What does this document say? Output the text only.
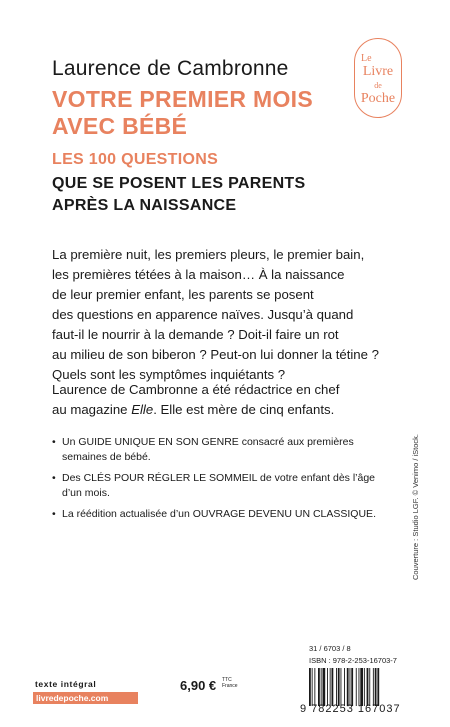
Laurence de Cambronne
VOTRE PREMIER MOIS
AVEC BÉBÉ
LES 100 QUESTIONS
QUE SE POSENT LES PARENTS
APRÈS LA NAISSANCE
Le
Livre
de
Poche
La première nuit, les premiers pleurs, le premier bain,
les premières tétées à la maison… À la naissance
de leur premier enfant, les parents se posent
des questions en apparence naïves. Jusqu’à quand
faut-il le nourrir à la demande ? Doit-il faire un rot
au milieu de son biberon ? Peut-on lui donner la tétine ?
Quels sont les symptômes inquiétants ?
Laurence de Cambronne a été rédactrice en chef
au magazine Elle. Elle est mère de cinq enfants.
• Un GUIDE UNIQUE EN SON GENRE consacré aux premières semaines de bébé.
• Des CLÉS POUR RÉGLER LE SOMMEIL de votre enfant dès l’âge d’un mois.
• La réédition actualisée d’un OUVRAGE DEVENU UN CLASSIQUE.	Couverture : Studio LGF. © Venimo / iStock.
texte intégral
livredepoche.com
6,90 € TTC
France
31 / 6703 / 8
ISBN : 978-2-253-16703-7
9 782253 167037
